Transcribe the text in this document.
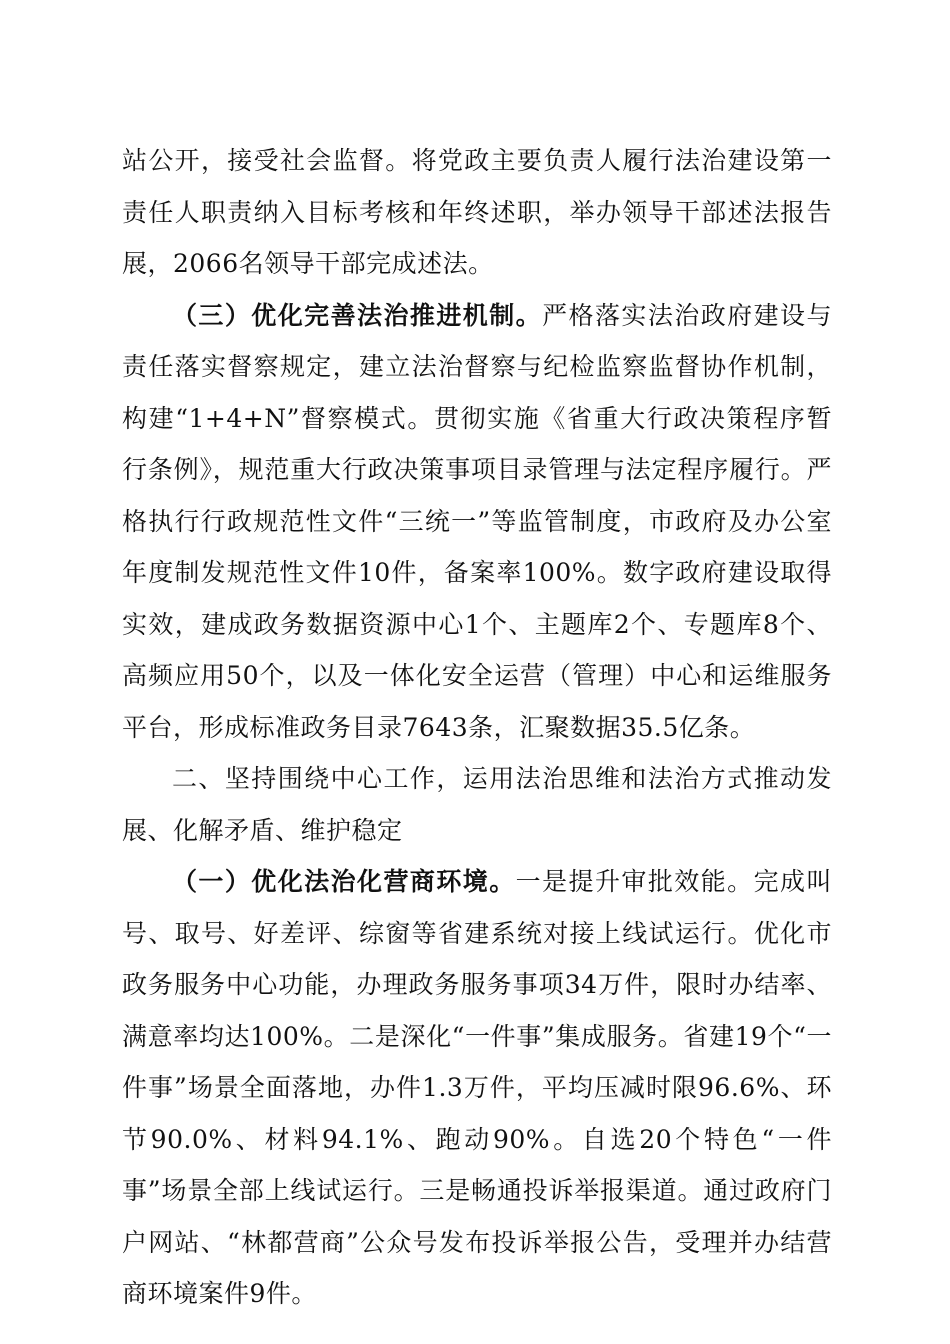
站公开，接受社会监督。将党政主要负责人履行法治建设第一责任人职责纳入目标考核和年终述职，举办领导干部述法报告展，2066名领导干部完成述法。

（三）优化完善法治推进机制。严格落实法治政府建设与责任落实督察规定，建立法治督察与纪检监察监督协作机制，构建“1+4+N”督察模式。贯彻实施《省重大行政决策程序暂行条例》，规范重大行政决策事项目录管理与法定程序履行。严格执行行政规范性文件“三统一”等监管制度，市政府及办公室年度制发规范性文件10件，备案率100%。数字政府建设取得实效，建成政务数据资源中心1个、主题库2个、专题库8个、高频应用50个，以及一体化安全运营（管理）中心和运维服务平台，形成标准政务目录7643条，汇聚数据35.5亿条。

二、坚持围绕中心工作，运用法治思维和法治方式推动发展、化解矛盾、维护稳定

（一）优化法治化营商环境。一是提升审批效能。完成叫号、取号、好差评、综窗等省建系统对接上线试运行。优化市政务服务中心功能，办理政务服务事项34万件，限时办结率、满意率均达100%。二是深化“一件事”集成服务。省建19个“一件事”场景全面落地，办件1.3万件，平均压减时限96.6%、环节90.0%、材料94.1%、跑动90%。自选20个特色“一件事”场景全部上线试运行。三是畅通投诉举报渠道。通过政府门户网站、“林都营商”公众号发布投诉举报公告，受理并办结营商环境案件9件。
